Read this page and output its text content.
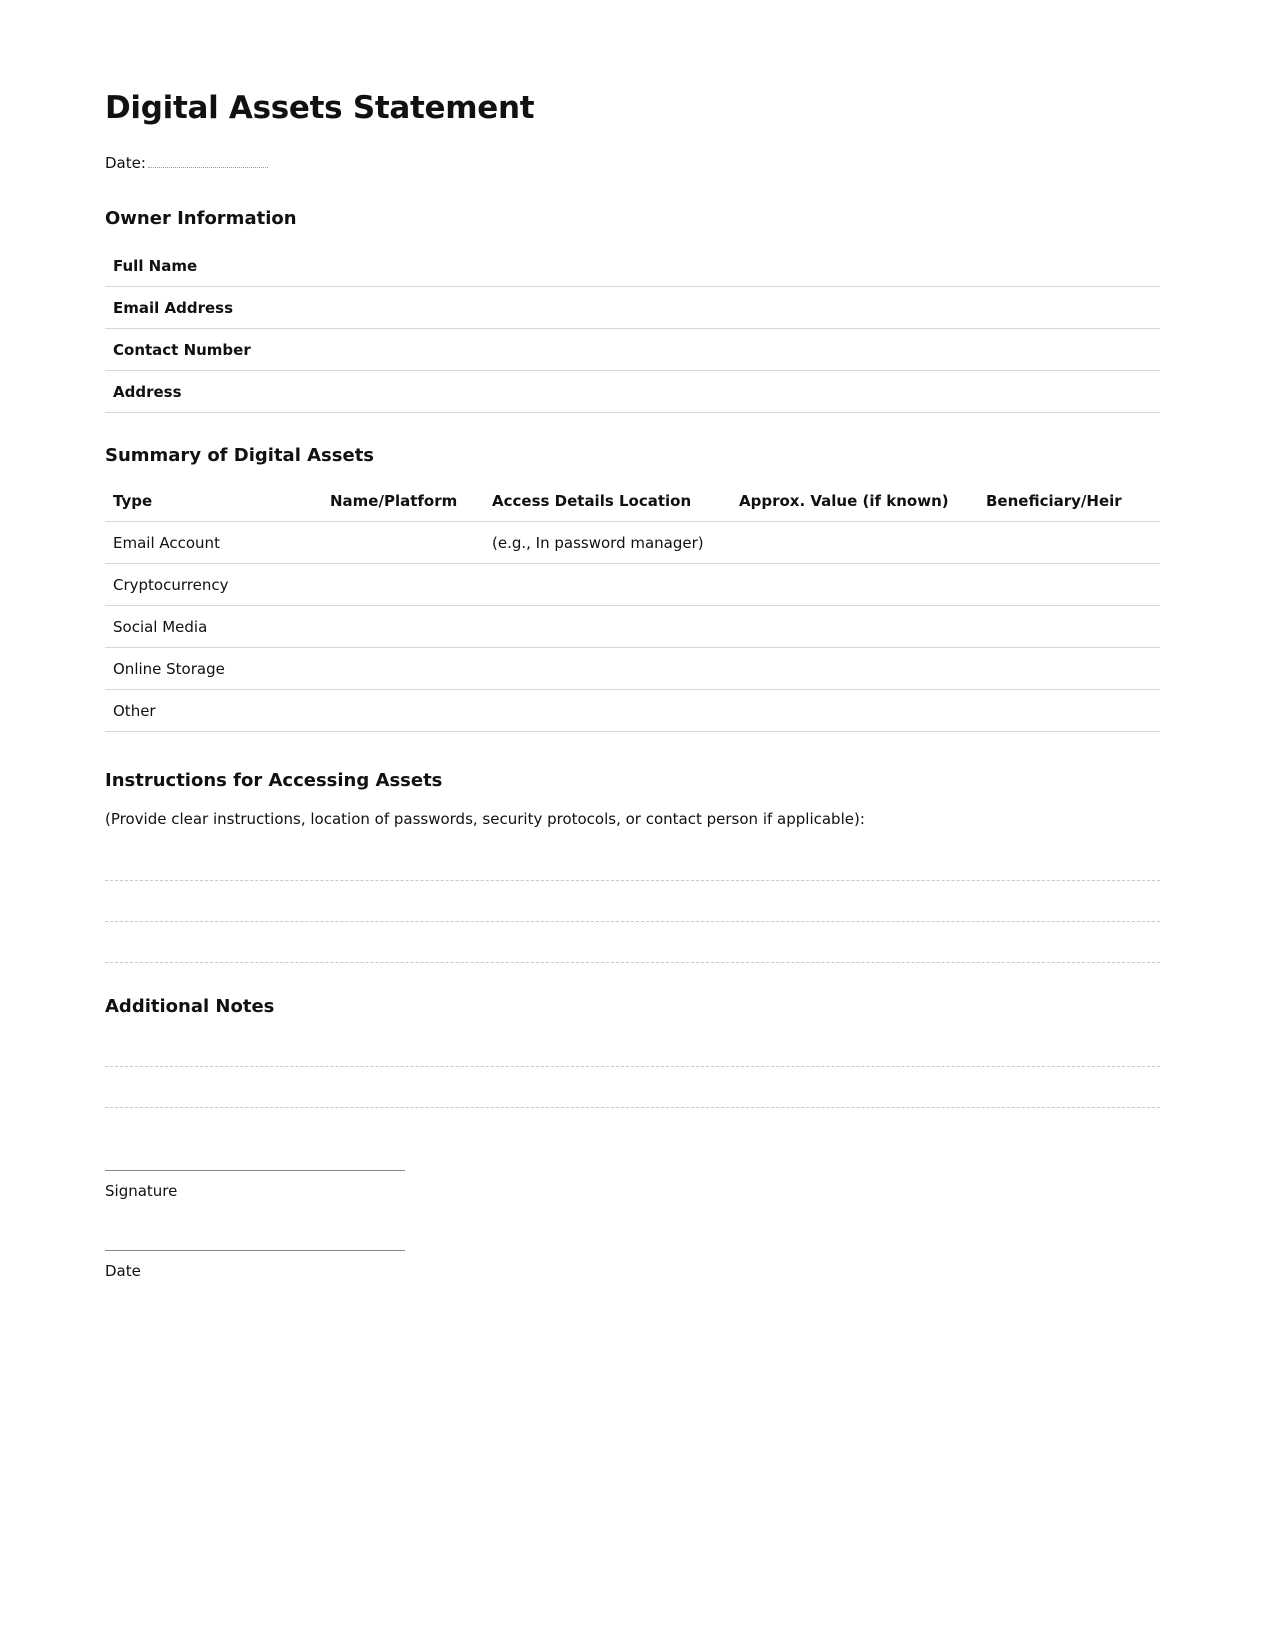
Digital Assets Statement
Date:
Owner Information
Full Name	
Email Address	
Contact Number	
Address	
Summary of Digital Assets
Type	Name/Platform	Access Details Location	Approx. Value (if known)	Beneficiary/Heir
Email Account		(e.g., In password manager)		
Cryptocurrency				
Social Media				
Online Storage				
Other				
Instructions for Accessing Assets
(Provide clear instructions, location of passwords, security protocols, or contact person if applicable):
Additional Notes
Signature
Date
